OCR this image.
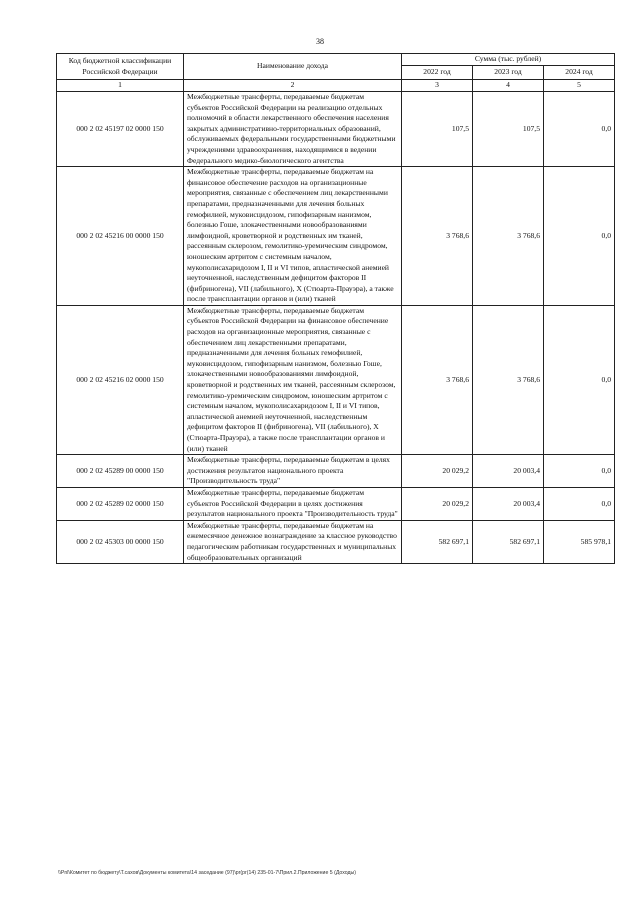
38
Код бюджетной классификации Российской Федерации	Наименование дохода	Сумма (тыс. рублей)		
		2022 год	2023 год	2024 год
1	2	3	4	5
000 2 02 45197 02 0000 150	Межбюджетные трансферты, передаваемые бюджетам субъектов Российской Федерации на реализацию отдельных полномочий в области лекарственного обеспечения населения закрытых административно-территориальных образований, обслуживаемых федеральными государственными бюджетными учреждениями здравоохранения, находящимися в ведении Федерального медико-биологического агентства	107,5	107,5	0,0
000 2 02 45216 00 0000 150	Межбюджетные трансферты, передаваемые бюджетам на финансовое обеспечение расходов на организационные мероприятия, связанные с обеспечением лиц лекарственными препаратами, предназначенными для лечения больных гемофилией, муковисцидозом, гипофизарным нанизмом, болезнью Гоше, злокачественными новообразованиями лимфоидной, кроветворной и родственных им тканей, рассеянным склерозом, гемолитико-уремическим синдромом, юношеским артритом с системным началом, мукополисахаридозом I, II и VI типов, апластической анемией неуточненной, наследственным дефицитом факторов II (фибриногена), VII (лабильного), X (Стюарта-Прауэра), а также после трансплантации органов и (или) тканей	3 768,6	3 768,6	0,0
000 2 02 45216 02 0000 150	Межбюджетные трансферты, передаваемые бюджетам субъектов Российской Федерации на финансовое обеспечение расходов на организационные мероприятия, связанные с обеспечением лиц лекарственными препаратами, предназначенными для лечения больных гемофилией, муковисцидозом, гипофизарным нанизмом, болезнью Гоше, злокачественными новообразованиями лимфоидной, кроветворной и родственных им тканей, рассеянным склерозом, гемолитико-уремическим синдромом, юношеским артритом с системным началом, мукополисахаридозом I, II и VI типов, апластической анемией неуточненной, наследственным дефицитом факторов II (фибриногена), VII (лабильного), X (Стюарта-Прауэра), а также после трансплантации органов и (или) тканей	3 768,6	3 768,6	0,0
000 2 02 45289 00 0000 150	Межбюджетные трансферты, передаваемые бюджетам в целях достижения результатов национального проекта "Производительность труда"	20 029,2	20 003,4	0,0
000 2 02 45289 02 0000 150	Межбюджетные трансферты, передаваемые бюджетам субъектов Российской Федерации в целях достижения результатов национального проекта "Производительность труда"	20 029,2	20 003,4	0,0
000 2 02 45303 00 0000 150	Межбюджетные трансферты, передаваемые бюджетам на ежемесячное денежное вознаграждение за классное руководство педагогическим работникам государственных и муниципальных общеобразовательных организаций	582 697,1	582 697,1	585 978,1
\\Pnl\Комитет по бюджету\Т.сахов\Документы комитета\14 заседание (97)\pr(pr(14) 235-01-7\Прил.2.Приложение 5 (Доходы)
